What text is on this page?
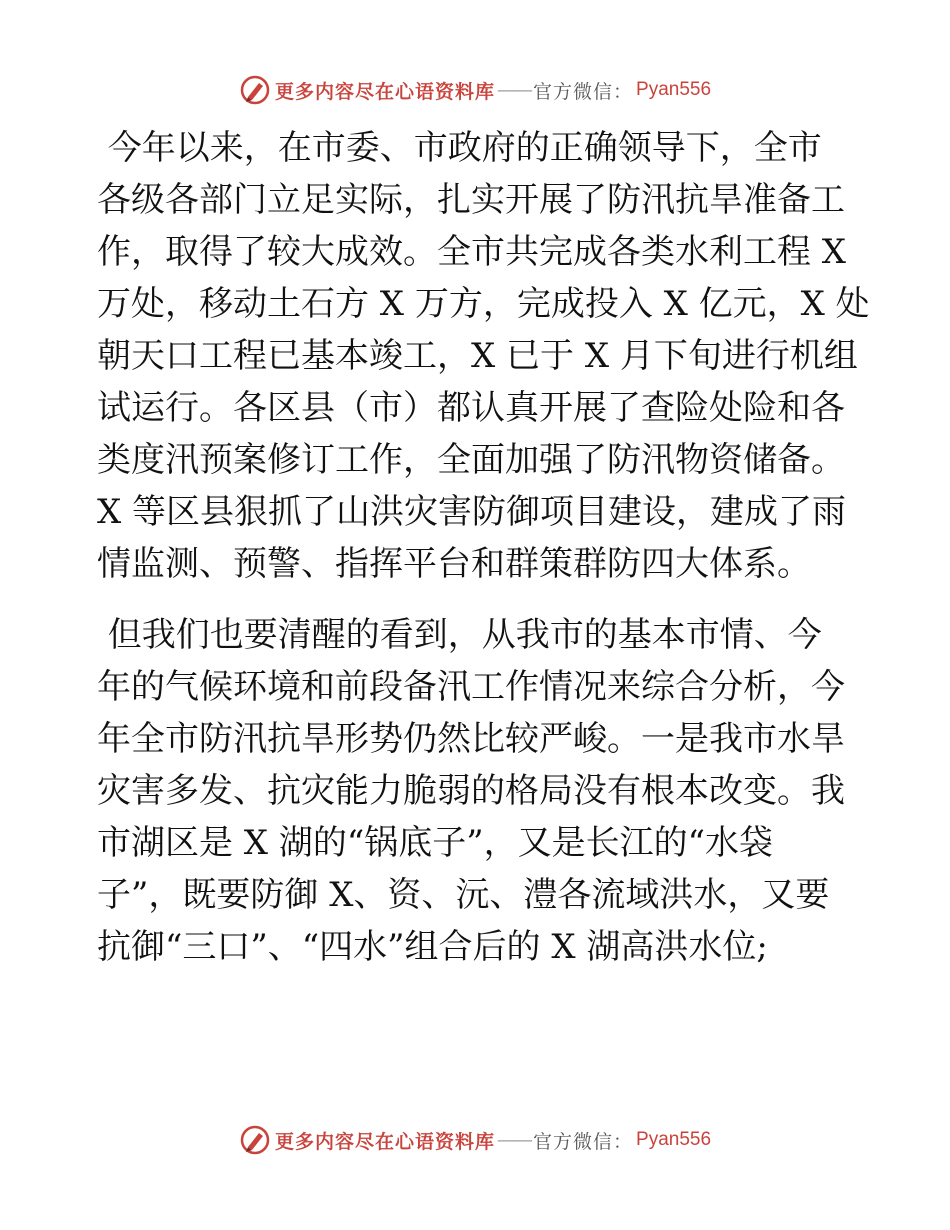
更多内容尽在心语资料库 —— 官方微信 ： Pyan556
今年以来，在市委、市政府的正确领导下，全市
各级各部门立足实际，扎实开展了防汛抗旱准备工
作，取得了较大成效。全市共完成各类水利工程 X
万处，移动土石方 X 万方，完成投入 X 亿元，X 处
朝天口工程已基本竣工，X 已于 X 月下旬进行机组
试运行。各区县（市）都认真开展了查险处险和各
类度汛预案修订工作，全面加强了防汛物资储备。
X 等区县狠抓了山洪灾害防御项目建设，建成了雨
情监测、预警、指挥平台和群策群防四大体系。
但我们也要清醒的看到，从我市的基本市情、今
年的气候环境和前段备汛工作情况来综合分析，今
年全市防汛抗旱形势仍然比较严峻。一是我市水旱
灾害多发、抗灾能力脆弱的格局没有根本改变。我
市湖区是 X 湖的“锅底子”，又是长江的“水袋
子”，既要防御 X、资、沅、澧各流域洪水，又要
抗御“三口”、“四水”组合后的 X 湖高洪水位;
更多内容尽在心语资料库 —— 官方微信 ： Pyan556
